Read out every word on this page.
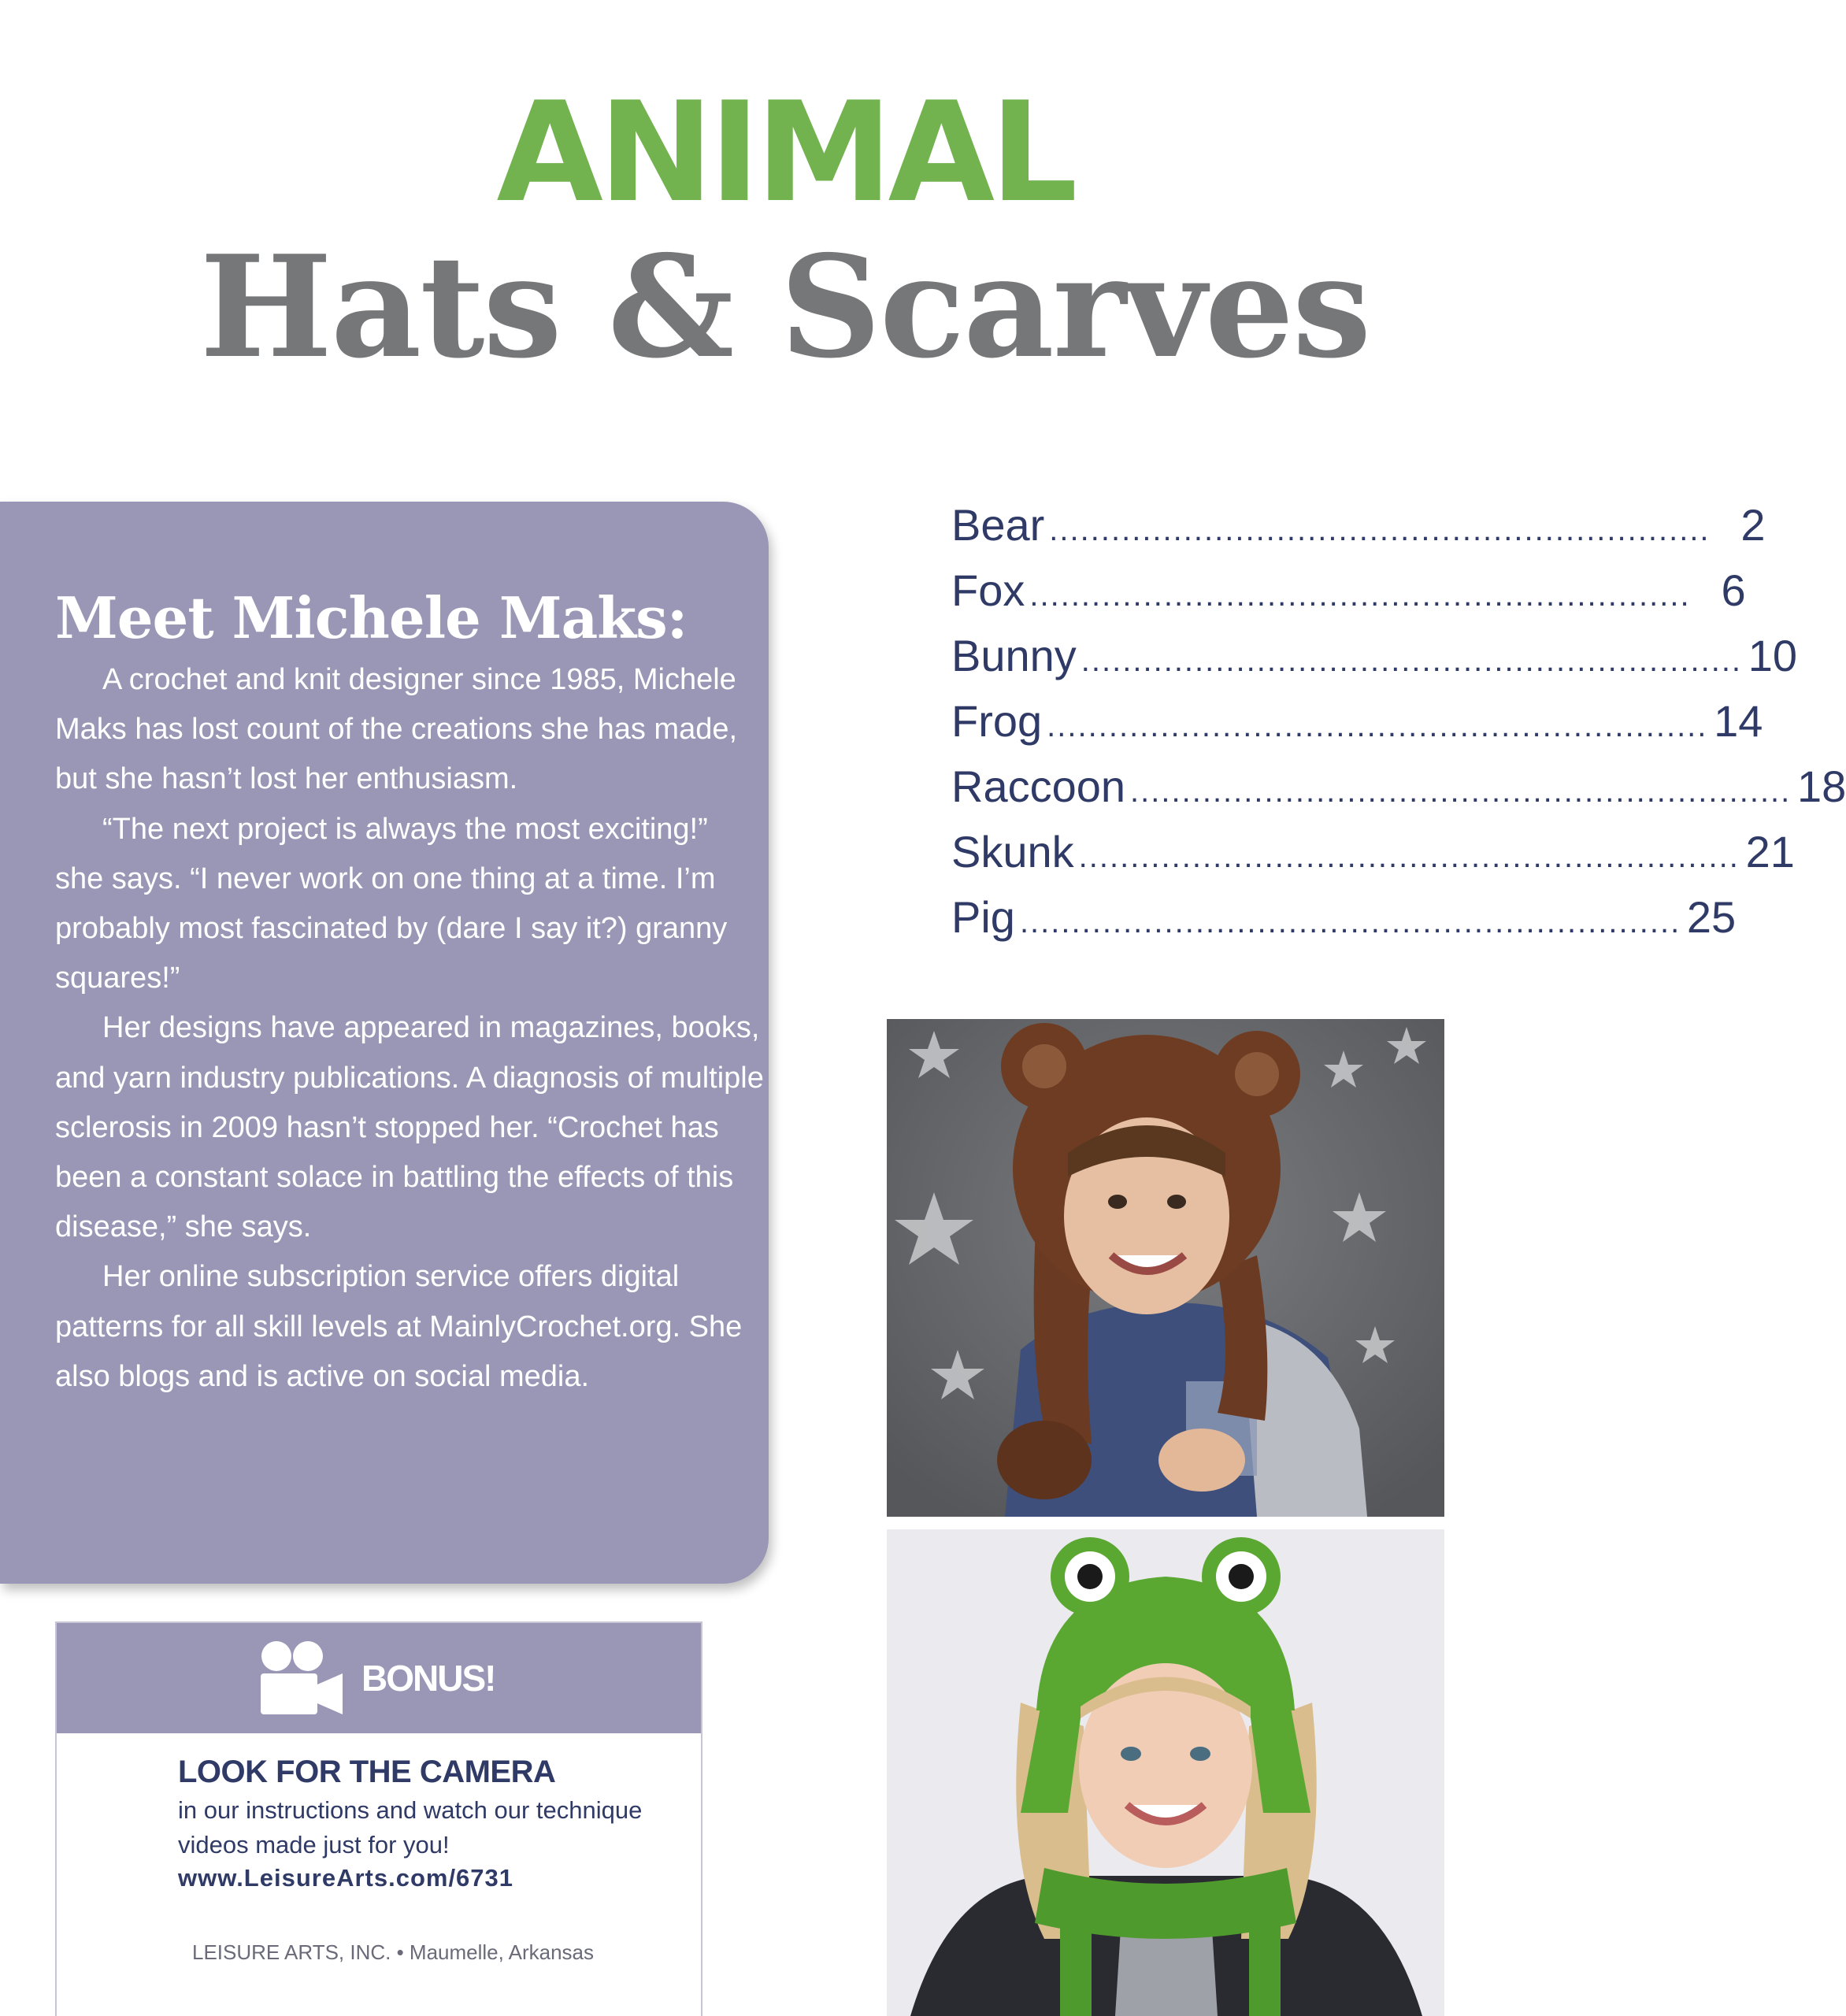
ANIMAL
Hats & Scarves
Meet Michele Maks:

A crochet and knit designer since 1985, Michele Maks has lost count of the creations she has made, but she hasn’t lost her enthusiasm.

“The next project is always the most exciting!” she says. “I never work on one thing at a time. I’m probably most fascinated by (dare I say it?) granny squares!”

Her designs have appeared in magazines, books, and yarn industry publications. A diagnosis of multiple sclerosis in 2009 hasn’t stopped her. “Crochet has been a constant solace in battling the effects of this disease,” she says.

Her online subscription service offers digital patterns for all skill levels at MainlyCrochet.org. She also blogs and is active on social media.

Bear ................................................................ 2
Fox ................................................................ 6
Bunny ................................................................ 10
Frog ................................................................ 14
Raccoon ................................................................ 18
Skunk ................................................................ 21
Pig ................................................................ 25
BONUS!
LOOK FOR THE CAMERA
in our instructions and watch our technique videos made just for you!
www.LeisureArts.com/6731
LEISURE ARTS, INC. • Maumelle, Arkansas
